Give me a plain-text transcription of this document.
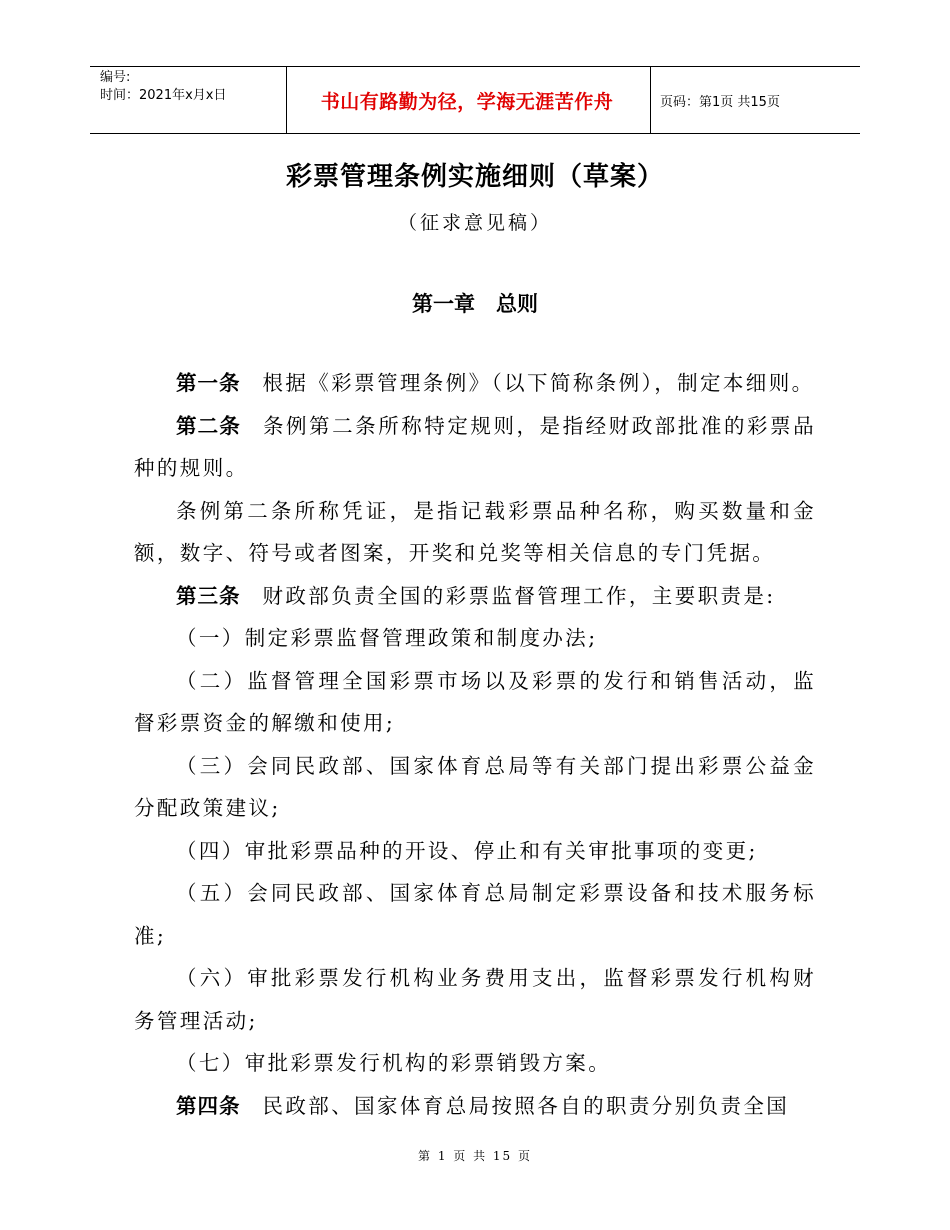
编号:
时间：2021年x月x日	书山有路勤为径，学海无涯苦作舟	页码：第1页 共15页
彩票管理条例实施细则（草案）
（征求意见稿）
第一章　总则

第一条 根据《彩票管理条例》（以下简称条例），制定本细则。

第二条 条例第二条所称特定规则，是指经财政部批准的彩票品种的规则。

条例第二条所称凭证，是指记载彩票品种名称，购买数量和金额，数字、符号或者图案，开奖和兑奖等相关信息的专门凭据。

第三条 财政部负责全国的彩票监督管理工作，主要职责是:

（一）制定彩票监督管理政策和制度办法;

（二）监督管理全国彩票市场以及彩票的发行和销售活动，监督彩票资金的解缴和使用;

（三）会同民政部、国家体育总局等有关部门提出彩票公益金分配政策建议;

（四）审批彩票品种的开设、停止和有关审批事项的变更;

（五）会同民政部、国家体育总局制定彩票设备和技术服务标准;

（六）审批彩票发行机构业务费用支出，监督彩票发行机构财务管理活动;

（七）审批彩票发行机构的彩票销毁方案。

第四条 民政部、国家体育总局按照各自的职责分别负责全国

第 1 页 共 15 页
